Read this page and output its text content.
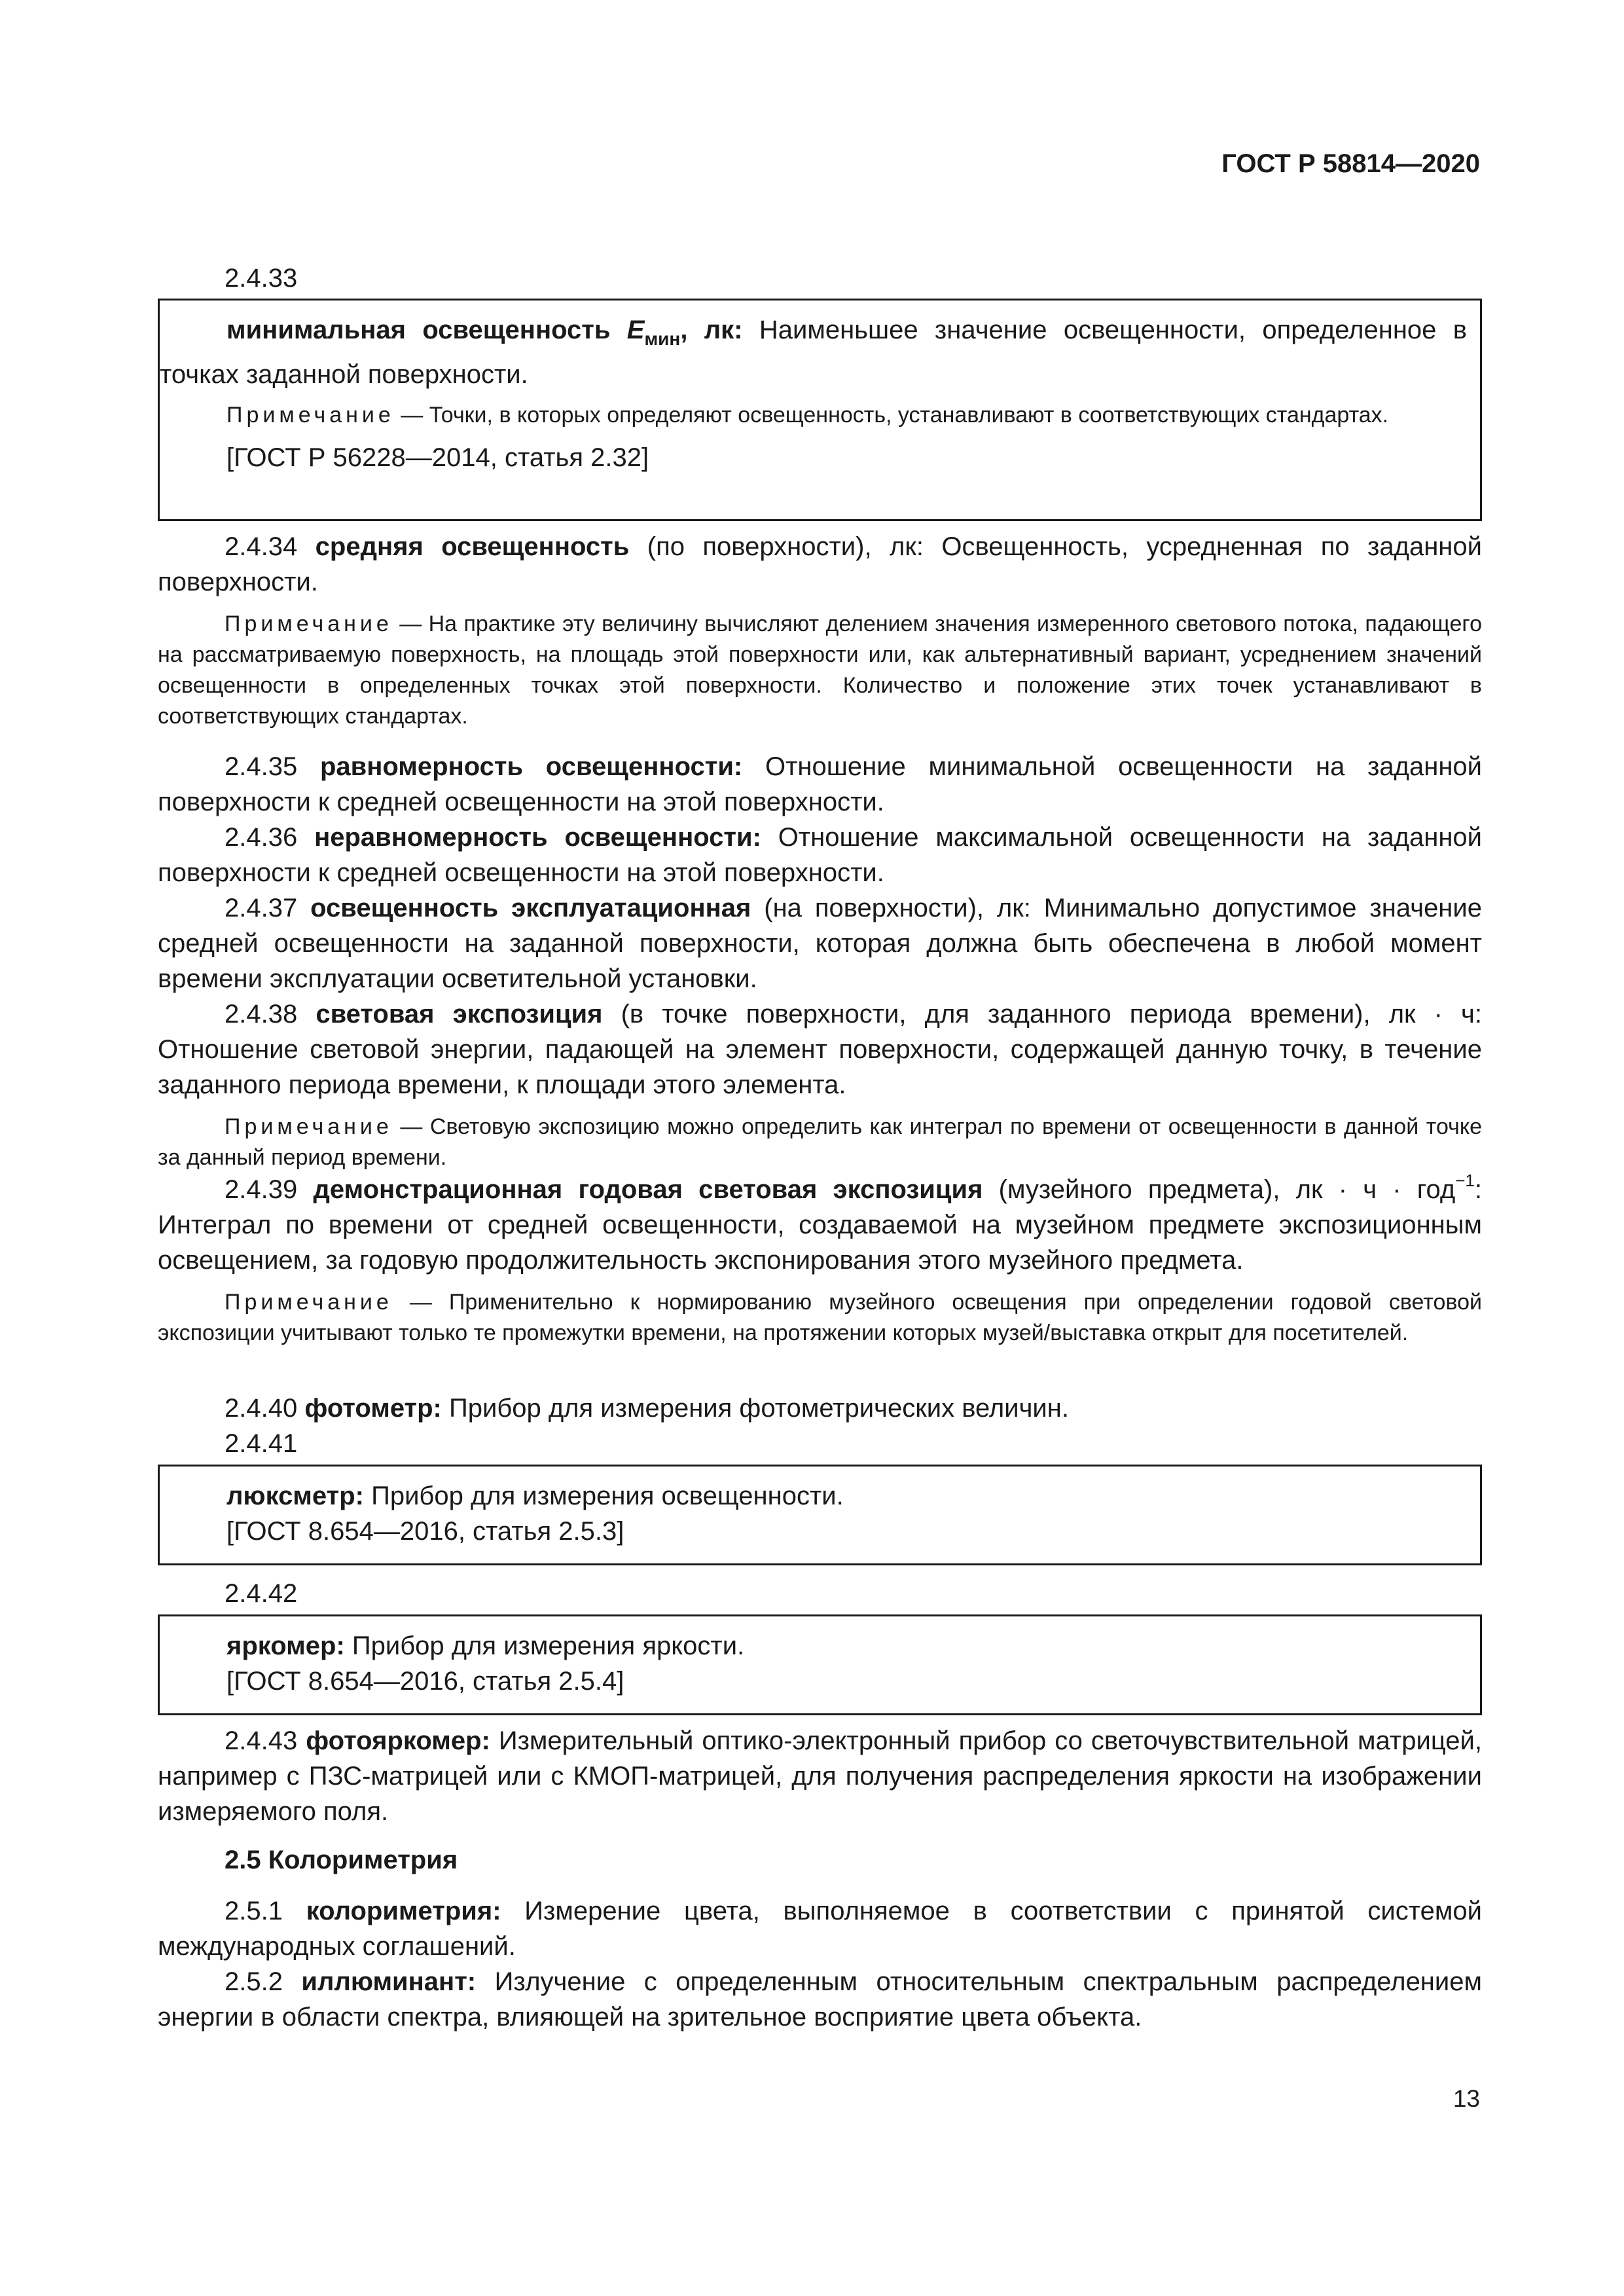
ГОСТ Р 58814—2020
2.4.33

минимальная освещенность $E_{мин}$, лк: Наименьшее значение освещенности, определенное в точках заданной поверхности.

Примечание — Точки, в которых определяют освещенность, устанавливают в соответствующих стандартах.

[ГОСТ Р 56228—2014, статья 2.32]

2.4.34 средняя освещенность (по поверхности), лк: Освещенность, усредненная по заданной поверхности.

Примечание — На практике эту величину вычисляют делением значения измеренного светового потока, падающего на рассматриваемую поверхность, на площадь этой поверхности или, как альтернативный вариант, усреднением значений освещенности в определенных точках этой поверхности. Количество и положение этих точек устанавливают в соответствующих стандартах.

2.4.35 равномерность освещенности: Отношение минимальной освещенности на заданной поверхности к средней освещенности на этой поверхности.

2.4.36 неравномерность освещенности: Отношение максимальной освещенности на заданной поверхности к средней освещенности на этой поверхности.

2.4.37 освещенность эксплуатационная (на поверхности), лк: Минимально допустимое значение средней освещенности на заданной поверхности, которая должна быть обеспечена в любой момент времени эксплуатации осветительной установки.

2.4.38 световая экспозиция (в точке поверхности, для заданного периода времени), лк · ч: Отношение световой энергии, падающей на элемент поверхности, содержащей данную точку, в течение заданного периода времени, к площади этого элемента.

Примечание — Световую экспозицию можно определить как интеграл по времени от освещенности в данной точке за данный период времени.

2.4.39 демонстрационная годовая световая экспозиция (музейного предмета), лк · ч · год$^{-1}$: Интеграл по времени от средней освещенности, создаваемой на музейном предмете экспозиционным освещением, за годовую продолжительность экспонирования этого музейного предмета.

Примечание — Применительно к нормированию музейного освещения при определении годовой световой экспозиции учитывают только те промежутки времени, на протяжении которых музей/выставка открыт для посетителей.

2.4.40 фотометр: Прибор для измерения фотометрических величин.

2.4.41

люксметр: Прибор для измерения освещенности.

[ГОСТ 8.654—2016, статья 2.5.3]

2.4.42

яркомер: Прибор для измерения яркости.

[ГОСТ 8.654—2016, статья 2.5.4]

2.4.43 фотояркомер: Измерительный оптико-электронный прибор со светочувствительной матрицей, например с ПЗС-матрицей или с КМОП-матрицей, для получения распределения яркости на изображении измеряемого поля.

2.5 Колориметрия

2.5.1 колориметрия: Измерение цвета, выполняемое в соответствии с принятой системой международных соглашений.

2.5.2 иллюминант: Излучение с определенным относительным спектральным распределением энергии в области спектра, влияющей на зрительное восприятие цвета объекта.

13
